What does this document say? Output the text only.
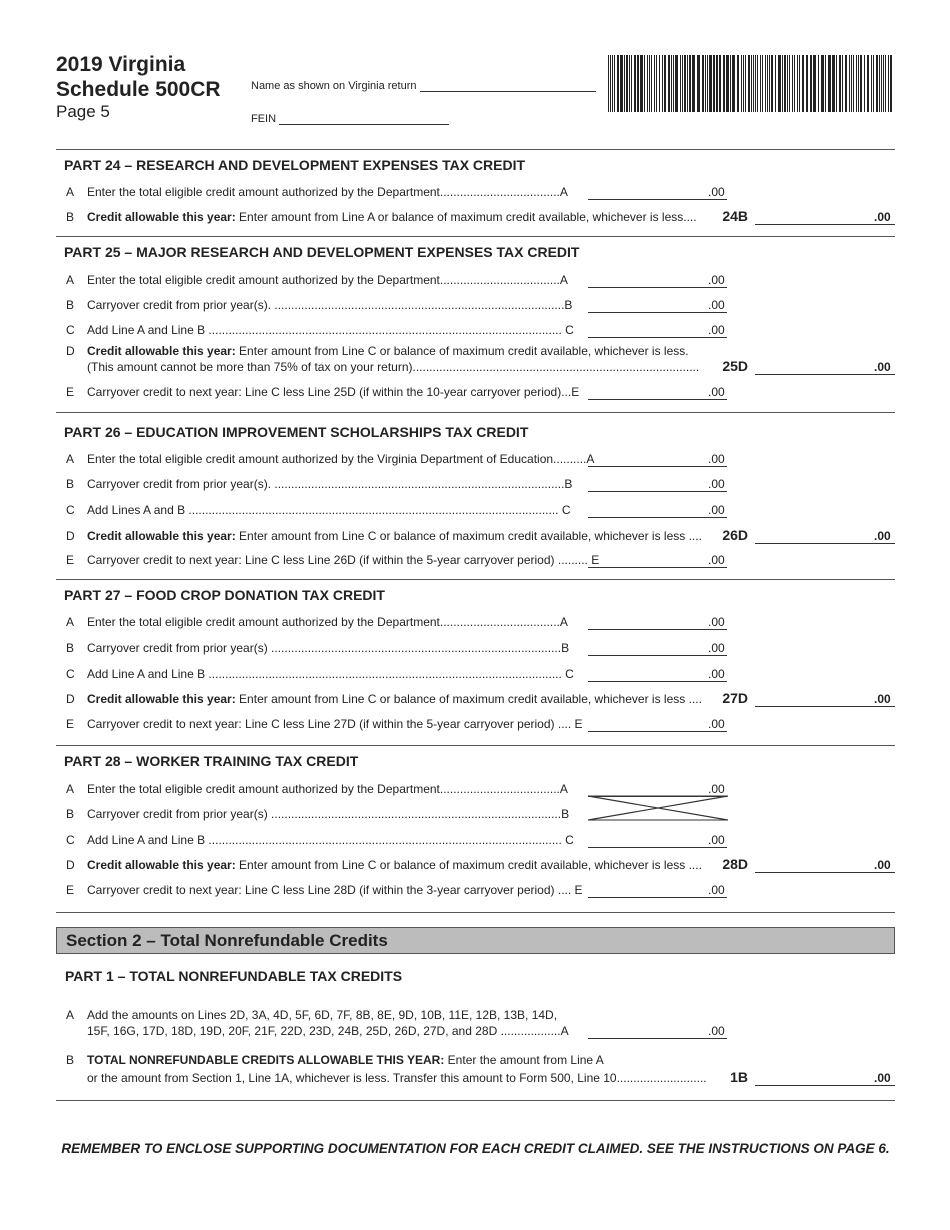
2019 Virginia
Schedule 500CR
Page 5
Name as shown on Virginia return
FEIN
PART 24 – RESEARCH AND DEVELOPMENT EXPENSES TAX CREDIT
A Enter the total eligible credit amount authorized by the Department....................................A	.00
B Credit allowable this year: Enter amount from Line A or balance of maximum credit available, whichever is less....	24B	.00
PART 25 – MAJOR RESEARCH AND DEVELOPMENT EXPENSES TAX CREDIT
A Enter the total eligible credit amount authorized by the Department....................................A	.00
B Carryover credit from prior year(s). .......................................................................................B	.00
C Add Line A and Line B .......................................................................................................... C	.00
D Credit allowable this year: Enter amount from Line C or balance of maximum credit available, whichever is less.
(This amount cannot be more than 75% of tax on your return)......................................................................................	25D	.00
E Carryover credit to next year: Line C less Line 25D (if within the 10-year carryover period)...E	.00
PART 26 – EDUCATION IMPROVEMENT SCHOLARSHIPS TAX CREDIT
A Enter the total eligible credit amount authorized by the Virginia Department of Education..........A	.00
B Carryover credit from prior year(s). .......................................................................................B	.00
C Add Lines A and B ............................................................................................................... C	.00
D Credit allowable this year: Enter amount from Line C or balance of maximum credit available, whichever is less ....	26D	.00
E Carryover credit to next year: Line C less Line 26D (if within the 5-year carryover period) ......... E	.00
PART 27 – FOOD CROP DONATION TAX CREDIT
A Enter the total eligible credit amount authorized by the Department....................................A	.00
B Carryover credit from prior year(s) .......................................................................................B	.00
C Add Line A and Line B .......................................................................................................... C	.00
D Credit allowable this year: Enter amount from Line C or balance of maximum credit available, whichever is less ....	27D	.00
E Carryover credit to next year: Line C less Line 27D (if within the 5-year carryover period) .... E	.00
PART 28 – WORKER TRAINING TAX CREDIT
A Enter the total eligible credit amount authorized by the Department....................................A	.00
B Carryover credit from prior year(s) .......................................................................................B
C Add Line A and Line B .......................................................................................................... C	.00
D Credit allowable this year: Enter amount from Line C or balance of maximum credit available, whichever is less ....	28D	.00
E Carryover credit to next year: Line C less Line 28D (if within the 3-year carryover period) .... E	.00
Section 2 – Total Nonrefundable Credits
PART 1 – TOTAL NONREFUNDABLE TAX CREDITS
A Add the amounts on Lines 2D, 3A, 4D, 5F, 6D, 7F, 8B, 8E, 9D, 10B, 11E, 12B, 13B, 14D,
15F, 16G, 17D, 18D, 19D, 20F, 21F, 22D, 23D, 24B, 25D, 26D, 27D, and 28D ..................A	.00
B TOTAL NONREFUNDABLE CREDITS ALLOWABLE THIS YEAR: Enter the amount from Line A
or the amount from Section 1, Line 1A, whichever is less. Transfer this amount to Form 500, Line 10...........................	1B	.00
REMEMBER TO ENCLOSE SUPPORTING DOCUMENTATION FOR EACH CREDIT CLAIMED. SEE THE INSTRUCTIONS ON PAGE 6.
